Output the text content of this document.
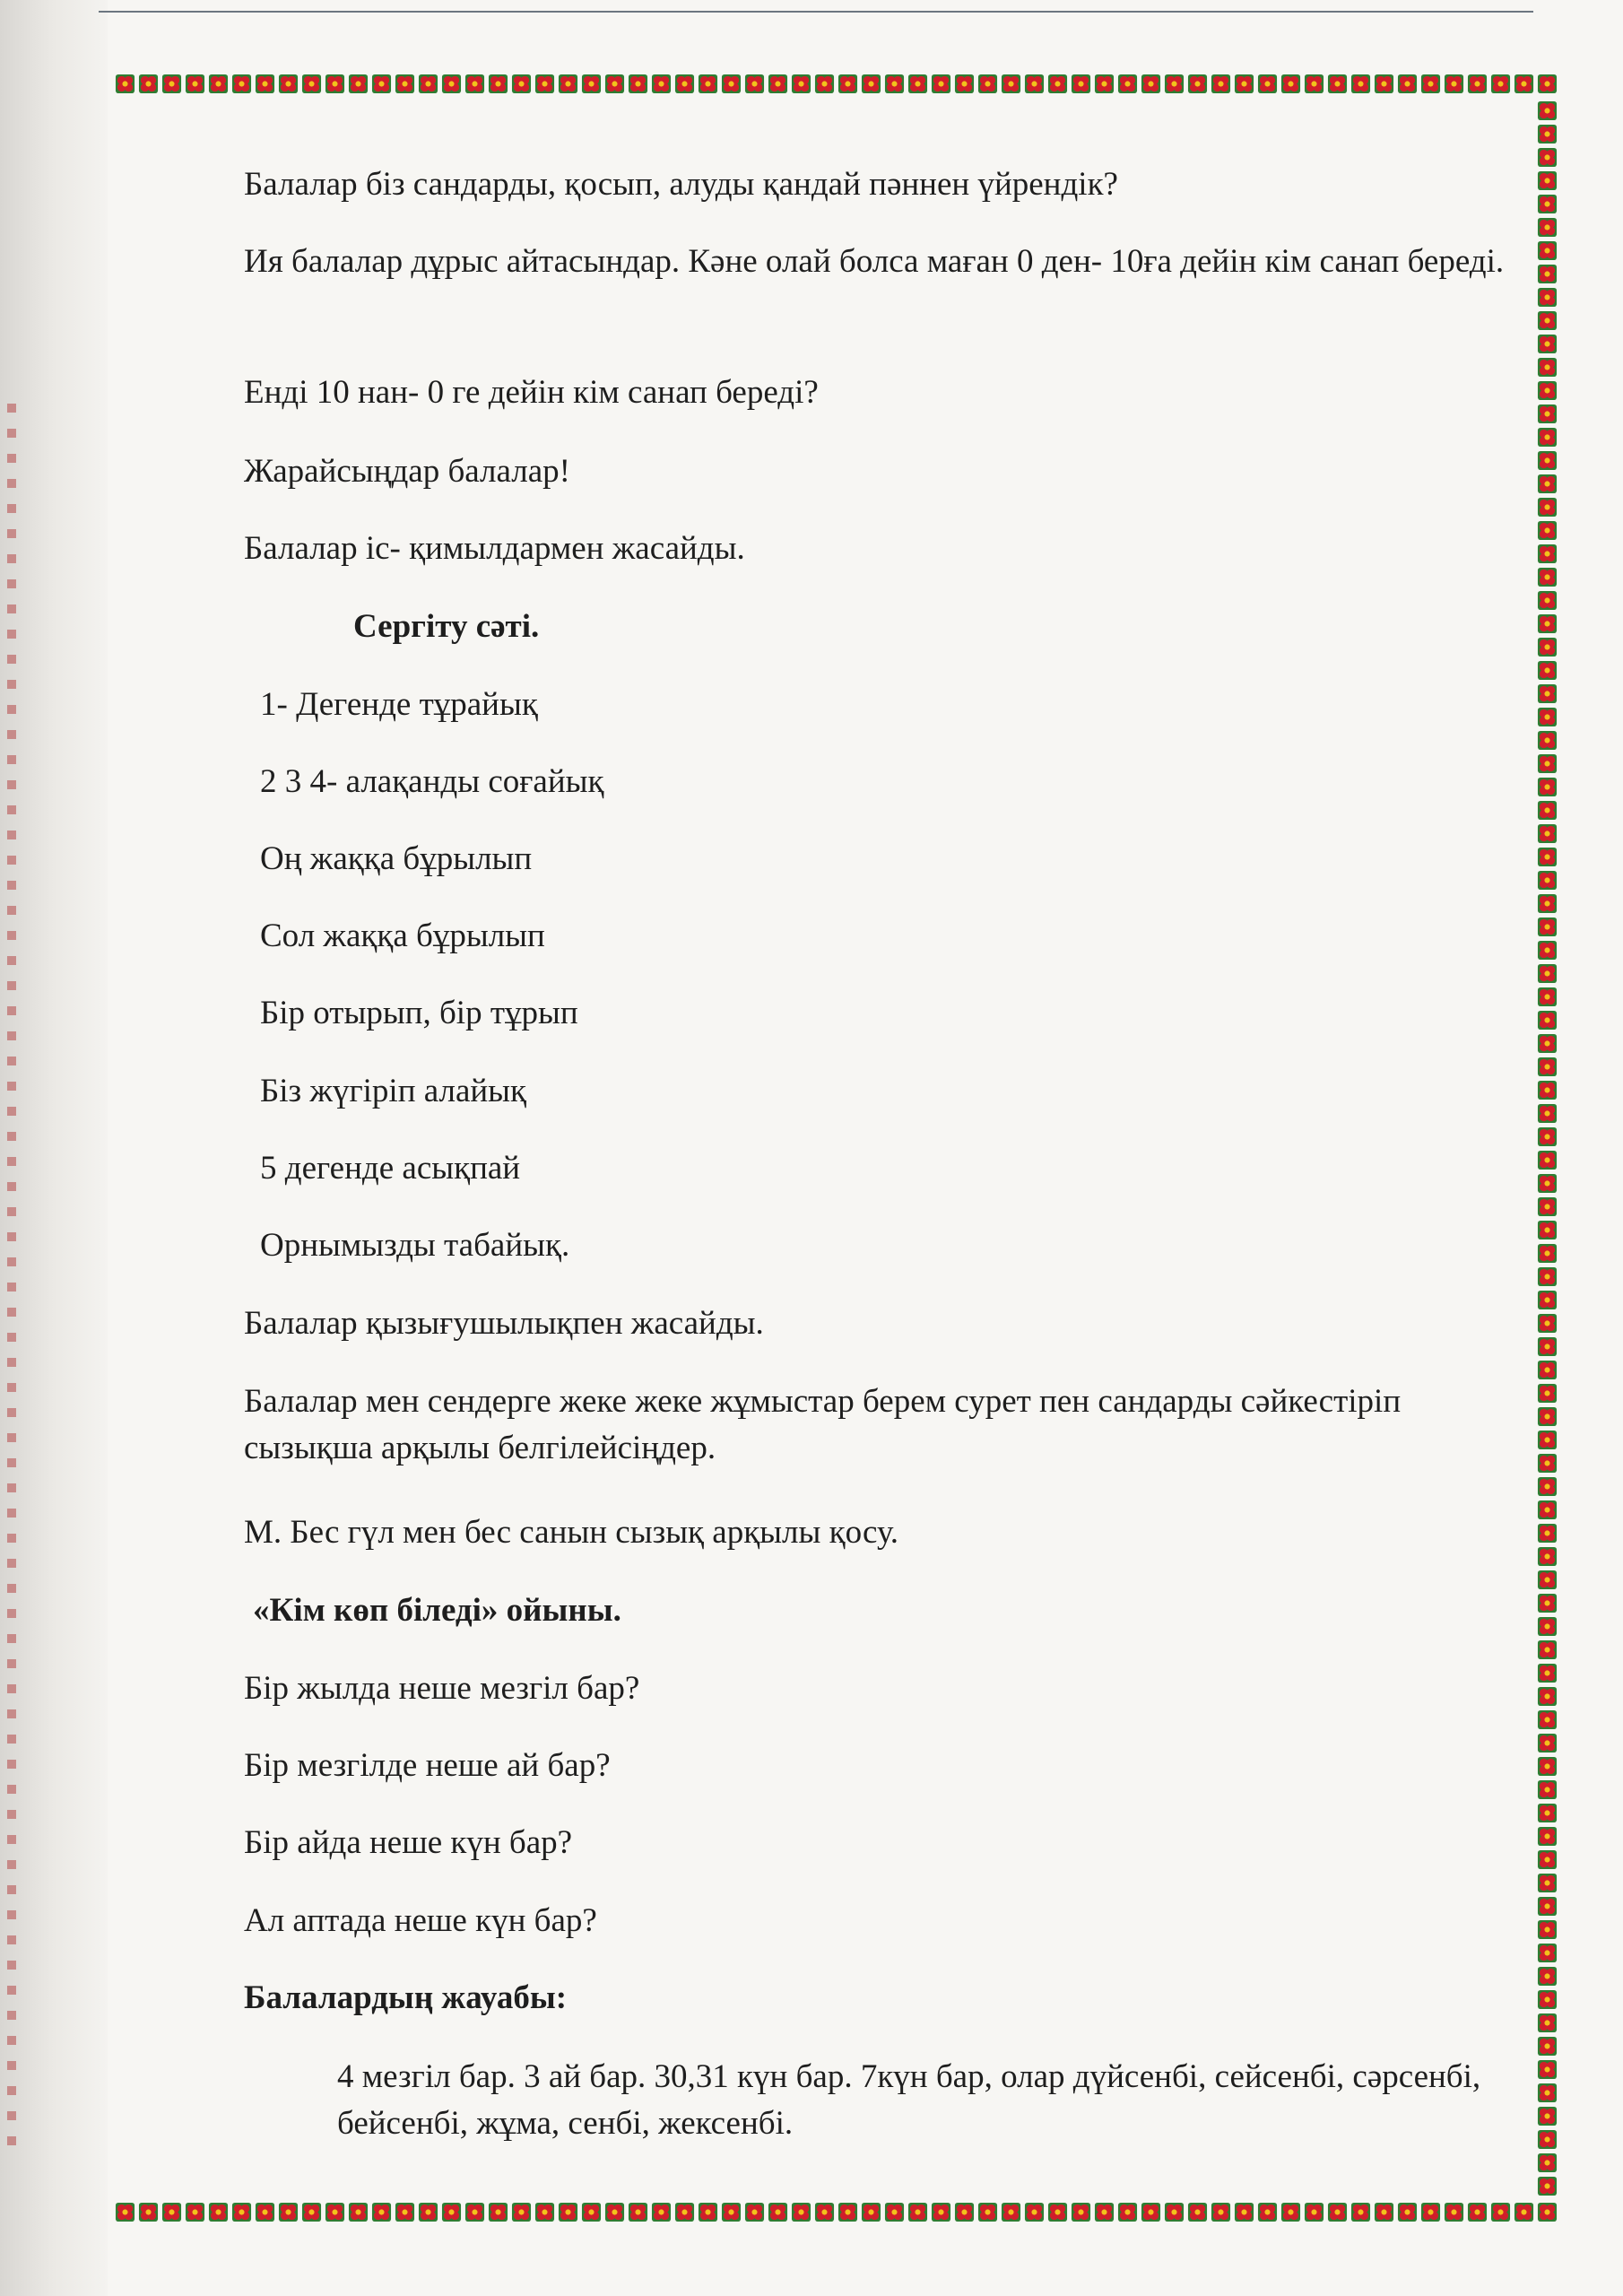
Балалар біз сандарды, қосып, алуды қандай пәннен үйрендік?

Ия балалар дұрыс айтасындар. Кәне олай болса маған 0 ден- 10ға дейін кім санап береді.

Енді 10 нан- 0 ге дейін кім санап береді?

Жарайсыңдар балалар!

Балалар іс- қимылдармен жасайды.

Сергіту сәті.

1- Дегенде тұрайық

2 3 4- алақанды соғайық

Оң жаққа бұрылып

Сол жаққа бұрылып

Бір отырып, бір тұрып

Біз жүгіріп алайық

5 дегенде асықпай

Орнымызды табайық.

Балалар қызығушылықпен жасайды.

Балалар мен сендерге жеке жеке жұмыстар берем сурет пен сандарды сәйкестіріп сызықша арқылы белгілейсіңдер.

М. Бес гүл мен бес санын сызық арқылы қосу.

«Кім көп біледі» ойыны.

Бір жылда неше мезгіл бар?

Бір мезгілде неше ай бар?

Бір айда неше күн бар?

Ал аптада неше күн бар?

Балалардың жауабы:

4 мезгіл бар. 3 ай бар. 30,31 күн бар. 7күн бар, олар дүйсенбі, сейсенбі, сәрсенбі, бейсенбі, жұма, сенбі, жексенбі.
